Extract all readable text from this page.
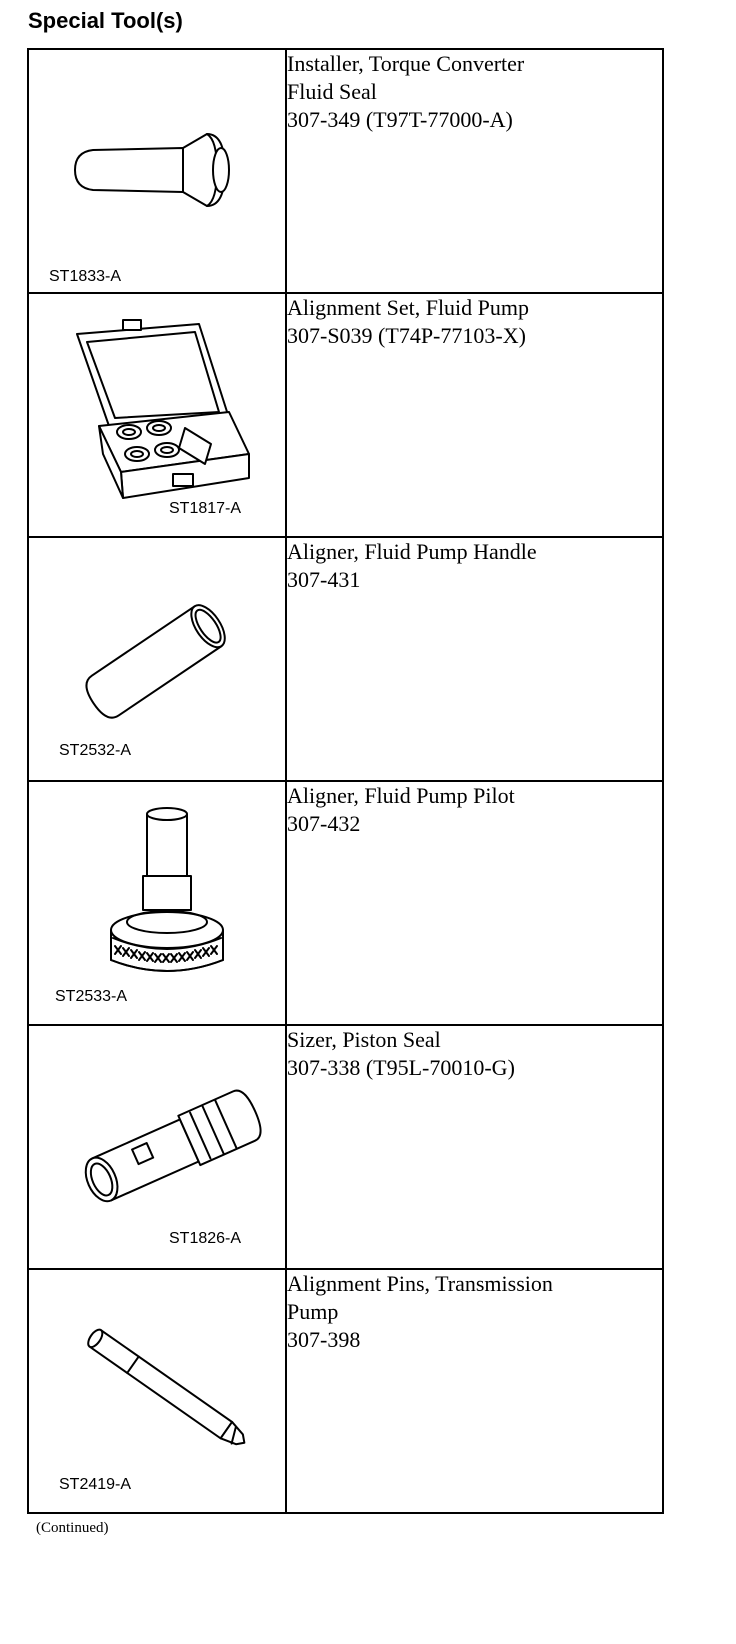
Special Tool(s)
ST1833-A	Installer, Torque Converter
Fluid Seal
307-349 (T97T-77000-A)

ST1817-A	Alignment Set, Fluid Pump
307-S039 (T74P-77103-X)

ST2532-A	Aligner, Fluid Pump Handle
307-431

ST2533-A	Aligner, Fluid Pump Pilot
307-432

ST1826-A	Sizer, Piston Seal
307-338 (T95L-70010-G)

ST2419-A	Alignment Pins, Transmission
Pump
307-398
(Continued)
